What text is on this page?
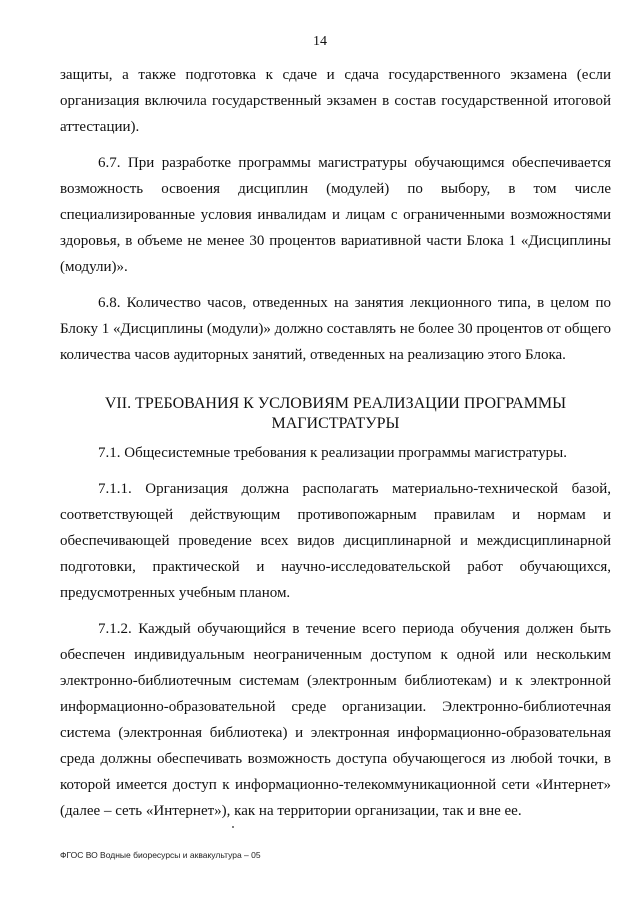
14

защиты, а также подготовка к сдаче и сдача государственного экзамена (если организация включила государственный экзамен в состав государственной итоговой аттестации).

6.7. При разработке программы магистратуры обучающимся обеспечивается возможность освоения дисциплин (модулей) по выбору, в том числе специализированные условия инвалидам и лицам с ограниченными возможностями здоровья, в объеме не менее 30 процентов вариативной части Блока 1 «Дисциплины (модули)».

6.8. Количество часов, отведенных на занятия лекционного типа, в целом по Блоку 1 «Дисциплины (модули)» должно составлять не более 30 процентов от общего количества часов аудиторных занятий, отведенных на реализацию этого Блока.

VII. ТРЕБОВАНИЯ К УСЛОВИЯМ РЕАЛИЗАЦИИ ПРОГРАММЫ
МАГИСТРАТУРЫ

7.1. Общесистемные требования к реализации программы магистратуры.

7.1.1. Организация должна располагать материально-технической базой, соответствующей действующим противопожарным правилам и нормам и обеспечивающей проведение всех видов дисциплинарной и междисциплинарной подготовки, практической и научно-исследовательской работ обучающихся, предусмотренных учебным планом.

7.1.2. Каждый обучающийся в течение всего периода обучения должен быть обеспечен индивидуальным неограниченным доступом к одной или нескольким электронно-библиотечным системам (электронным библиотекам) и к электронной информационно-образовательной среде организации. Электронно-библиотечная система (электронная библиотека) и электронная информационно-образовательная среда должны обеспечивать возможность доступа обучающегося из любой точки, в которой имеется доступ к информационно-телекоммуникационной сети «Интернет» (далее – сеть «Интернет»), как на территории организации, так и вне ее.

ФГОС ВО Водные биоресурсы и аквакультура – 05
